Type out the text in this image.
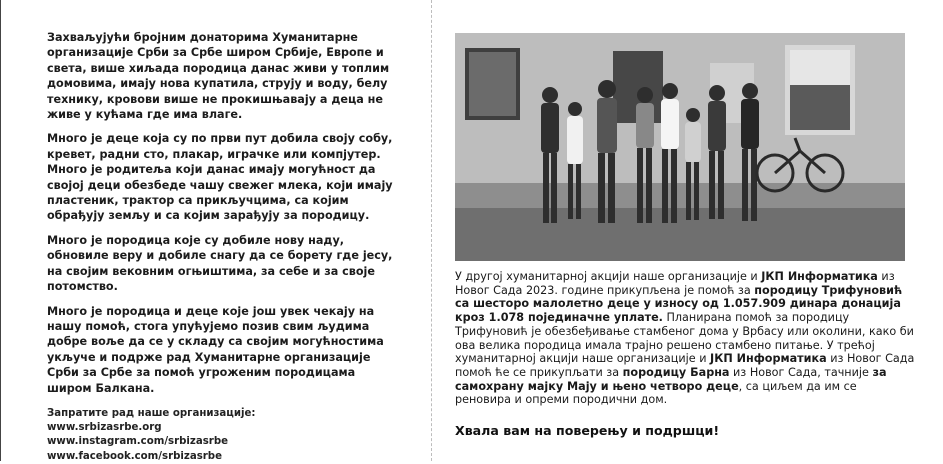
Захваљујући бројним донаторима Хуманитарне организације Срби за Србе широм Србије, Европе и света, више хиљада породица данас живи у топлим домовима, имају нова купатила, струју и воду, белу технику, кровови више не прокишњавају а деца не живе у кућама где има влаге.

Много је деце која су по први пут добила своју собу, кревет, радни сто, плакар, играчке или компјутер. Много је родитеља који данас имају могућност да својој деци обезбеде чашу свежег млека, који имају пластеник, трактор са прикључцима, са којим обрађују земљу и са којим зарађују за породицу.

Много је породица које су добиле нову наду, обновиле веру и добиле снагу да се борету где јесу, на својим вековним огњиштима, за себе и за своје потомство.

Много је породица и деце које још увек чекају на нашу помоћ, стога упућујемо позив свим људима добре воље да се у складу са својим могућностима укључе и подрже рад Хуманитарне организације Срби за Србе за помоћ угроженим породицама широм Балкана.

Запратите рад наше организације:
www.srbizasrbe.org
www.instagram.com/srbizasrbe
www.facebook.com/srbizasrbe

У другој хуманитарној акцији наше организације и ЈКП Информатика из Новог Сада 2023. године прикупљена је помоћ за породицу Трифуновић са шесторо малолетно деце у износу од 1.057.909 динара донација кроз 1.078 појединачне уплате. Планирана помоћ за породицу Трифуновић је обезбеђивање стамбеног дома у Врбасу или околини, како би ова велика породица имала трајно решено стамбено питање. У трећој хуманитарној акцији наше организације и ЈКП Информатика из Новог Сада помоћ ће се прикупљати за породицу Барна из Новог Сада, тачније за самохрану мајку Мају и њено четворо деце, са циљем да им се реновира и опреми породични дом.

Хвала вам на поверењу и подршци!
